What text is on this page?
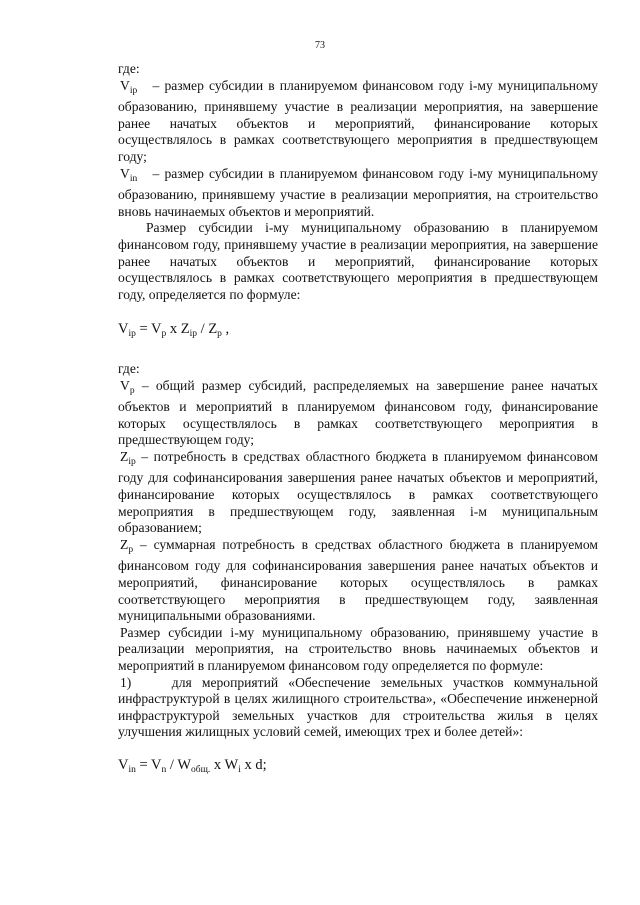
73

где:

$V_{ip}$ – размер субсидии в планируемом финансовом году i-му муниципальному образованию, принявшему участие в реализации мероприятия, на завершение ранее начатых объектов и мероприятий, финансирование которых осуществлялось в рамках соответствующего мероприятия в предшествующем году;

$V_{in}$ – размер субсидии в планируемом финансовом году i-му муниципальному образованию, принявшему участие в реализации мероприятия, на строительство вновь начинаемых объектов и мероприятий.

Размер субсидии i-му муниципальному образованию в планируемом финансовом году, принявшему участие в реализации мероприятия, на завершение ранее начатых объектов и мероприятий, финансирование которых осуществлялось в рамках соответствующего мероприятия в предшествующем году, определяется по формуле:

$V_{ip} = V_p$ x $Z_{ip} / Z_p$ ,

где:

$V_p$ – общий размер субсидий, распределяемых на завершение ранее начатых объектов и мероприятий в планируемом финансовом году, финансирование которых осуществлялось в рамках соответствующего мероприятия в предшествующем году;

$Z_{ip}$ – потребность в средствах областного бюджета в планируемом финансовом году для софинансирования завершения ранее начатых объектов и мероприятий, финансирование которых осуществлялось в рамках соответствующего мероприятия в предшествующем году, заявленная i-м муниципальным образованием;

$Z_p$ – суммарная потребность в средствах областного бюджета в планируемом финансовом году для софинансирования завершения ранее начатых объектов и мероприятий, финансирование которых осуществлялось в рамках соответствующего мероприятия в предшествующем году, заявленная муниципальными образованиями.

Размер субсидии i-му муниципальному образованию, принявшему участие в реализации мероприятия, на строительство вновь начинаемых объектов и мероприятий в планируемом финансовом году определяется по формуле:

1)	для мероприятий «Обеспечение земельных участков коммунальной инфраструктурой в целях жилищного строительства», «Обеспечение инженерной инфраструктурой земельных участков для строительства жилья в целях улучшения жилищных условий семей, имеющих трех и более детей»:

$V_{in} = V_n / W_{общ.}$ x $W_i$ x d;
